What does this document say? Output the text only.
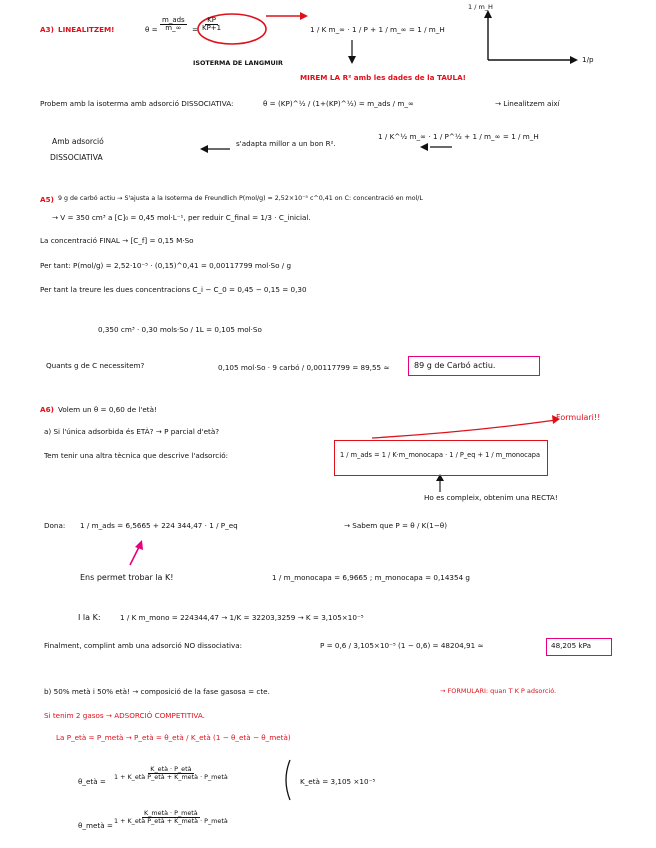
A3) LINEALITZEM!	θ =
m_ads
m_∞ = $\frac{KP}{KP+1}$	1 / K m_∞ · 1 / P + 1 / m_∞ = 1 / m_H
ISOTERMA DE LANGMUIR
MIREM LA R² amb les dades de la TAULA!
1 / m_H
1/p
Probem amb la isoterma amb adsorció DISSOCIATIVA:	θ = (KP)^½ / (1+(KP)^½) = m_ads / m_∞	→ Linealitzem així
Amb adsorció
DISSOCIATIVA
s'adapta millor a un bon R².
1 / K^½ m_∞ · 1 / P^½ + 1 / m_∞ = 1 / m_H
A5) 9 g de carbó actiu → S'ajusta a la Isoterma de Freundlich P(mol/g) = 2,52×10⁻⁵ c^0,41 on C: concentració en mol/L
→ V = 350 cm³ a [C]₀ = 0,45 mol·L⁻¹, per reduir C_final = 1/3 · C_inicial.
La concentració FINAL → [C_f] = 0,15 M·So
Per tant: P(mol/g) = 2,52·10⁻⁵ · (0,15)^0,41 = 0,00117799 mol·So / g
Per tant la treure les dues concentracions C_i − C_0 = 0,45 − 0,15 = 0,30
0,350 cm³ · 0,30 mols·So / 1L = 0,105 mol·So
Quants g de C necessitem?	0,105 mol·So · 9 carbó / 0,00117799 = 89,55 ≃	89 g de Carbó actiu.
A6) Volem un θ = 0,60 de l'età!
a) Si l'única adsorbida és ETÀ? → P parcial d'età?
Formulari!!
Tem tenir una altra tècnica que descrive l'adsorció:	1 / m_ads = 1 / K·m_monocapa · 1 / P_eq + 1 / m_monocapa
Ho es compleix, obtenim una RECTA!
Dona: 1 / m_ads = 6,5665 + 224 344,47 · 1 / P_eq	→ Sabem que P = θ / K(1−θ)
Ens permet trobar la K!	1 / m_monocapa = 6,9665 ; m_monocapa = 0,14354 g
I la K:	1 / K m_mono = 224344,47 → 1/K = 32203,3259 → K = 3,105×10⁻⁵
Finalment, complint amb una adsorció NO dissociativa:	P = 0,6 / 3,105×10⁻⁵ (1 − 0,6) = 48204,91 ≃	48,205 kPa
b) 50% metà i 50% età! → composició de la fase gasosa = cte.	→ FORMULARI: quan T K P adsorció.
Si tenim 2 gasos → ADSORCIÓ COMPETITIVA.
La P_età = P_metà → P_età = θ_età / K_età (1 − θ_età − θ_metà)
θ_età =
K_età · P_età
1 + K_età P_età + K_metà · P_metà
K_età = 3,105 ×10⁻⁵
θ_metà =
K_metà · P_metà
1 + K_età P_età + K_metà · P_metà
